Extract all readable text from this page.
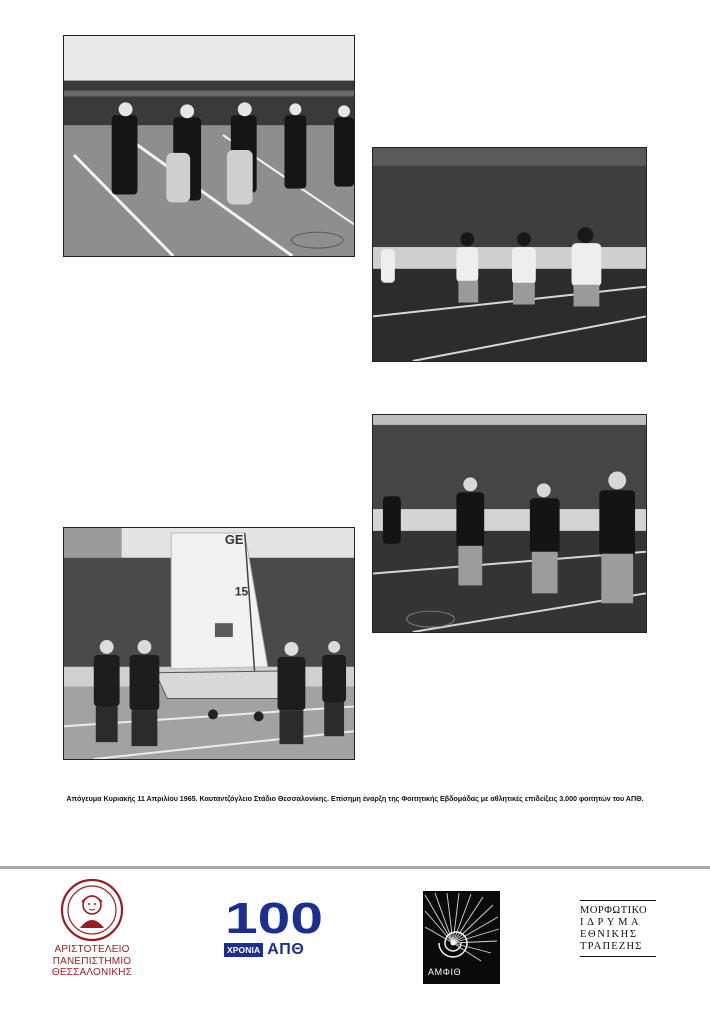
GE
15
Απόγευμα Κυριακής 11 Απριλίου 1965. Καυταντζόγλειο Στάδιο Θεσσαλονίκης. Επίσημη έναρξη της Φοιτητικής Εβδομάδας με αθλητικές επιδείξεις 3.000 φοιτητών του ΑΠΘ.
ΑΡΙΣΤΟΤΕΛΕΙΟ
ΠΑΝΕΠΙΣΤΗΜΙΟ
ΘΕΣΣΑΛΟΝΙΚΗΣ
100
ΧΡΟΝΙΑ ΑΠΘ
ΑΜΦΙΘ
ΜΟΡΦΩΤΙΚΟ
ΙΔΡΥΜΑ
ΕΘΝΙΚΗΣ
ΤΡΑΠΕΖΗΣ
